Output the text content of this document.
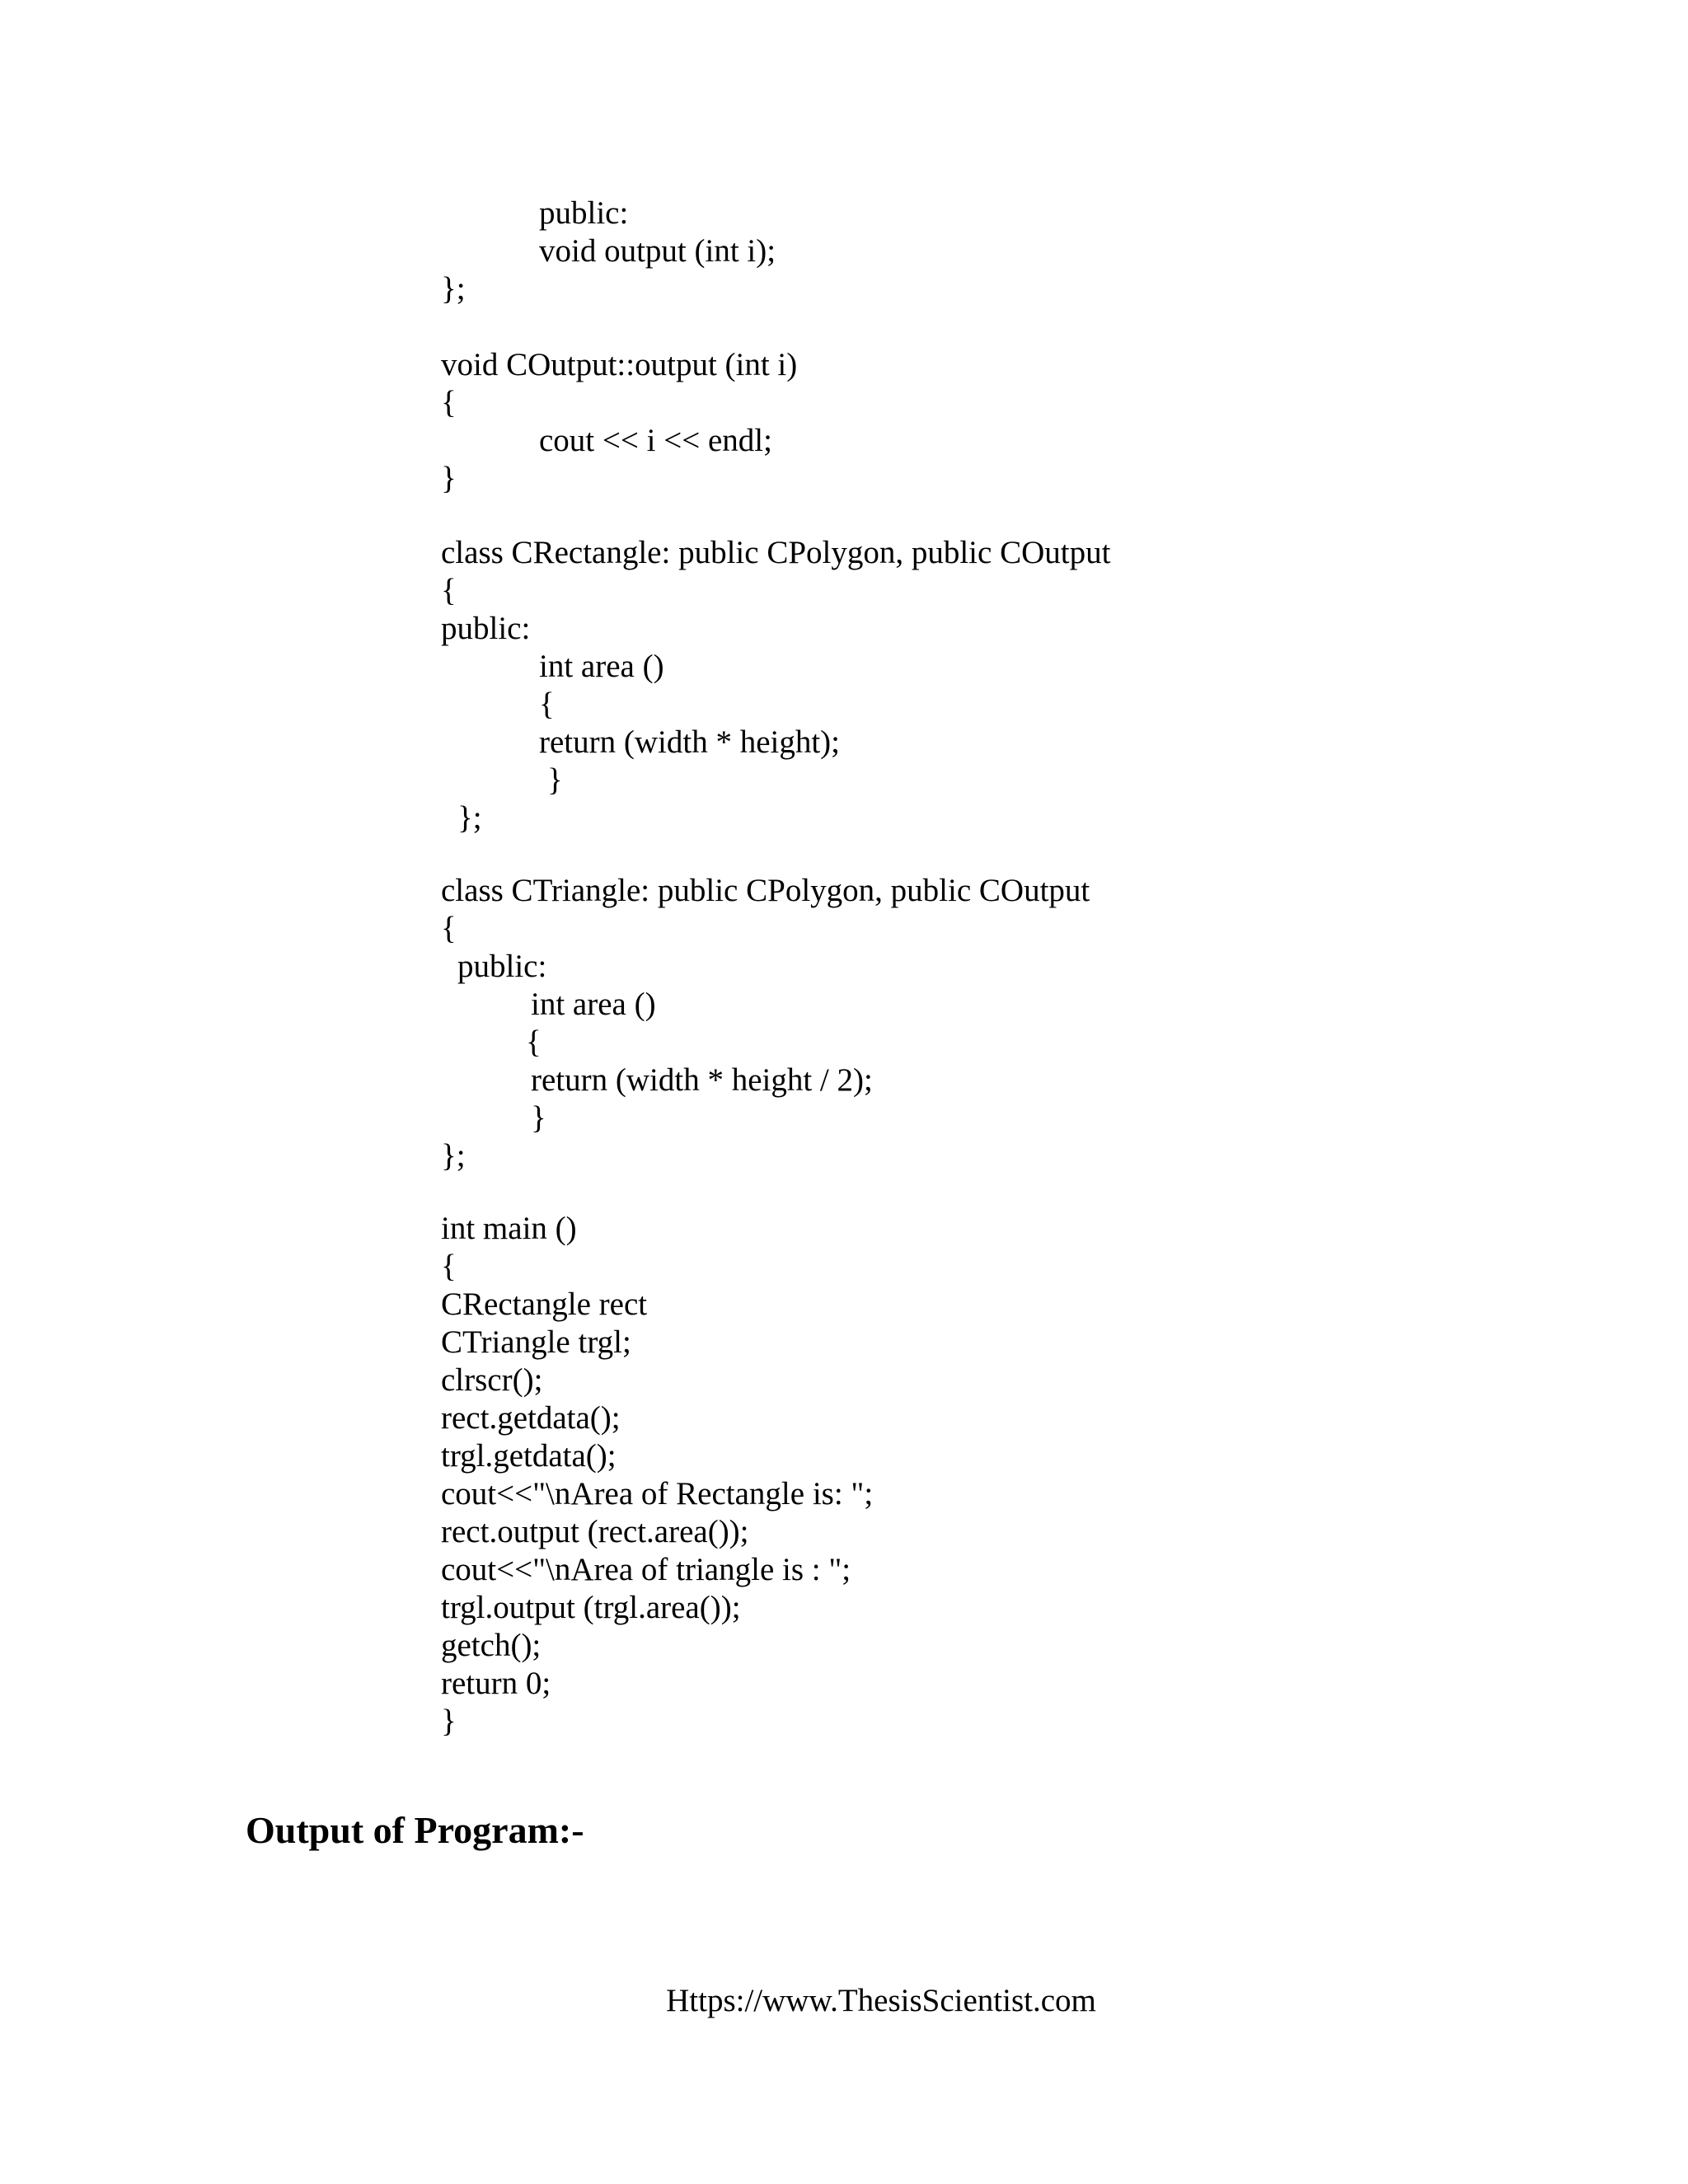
public:
void output (int i);
};
void COutput::output (int i)
{
cout << i << endl;
}
class CRectangle: public CPolygon, public COutput
{
public:
int area ()
{
return (width * height);
}
};
class CTriangle: public CPolygon, public COutput
{
public:
int area ()
{
return (width * height / 2);
}
};
int main ()
{
CRectangle rect
CTriangle trgl;
clrscr();
rect.getdata();
trgl.getdata();
cout<<"\nArea of Rectangle is: ";
rect.output (rect.area());
cout<<"\nArea of triangle is : ";
trgl.output (trgl.area());
getch();
return 0;
}
Output of Program:-
Https://www.ThesisScientist.com
